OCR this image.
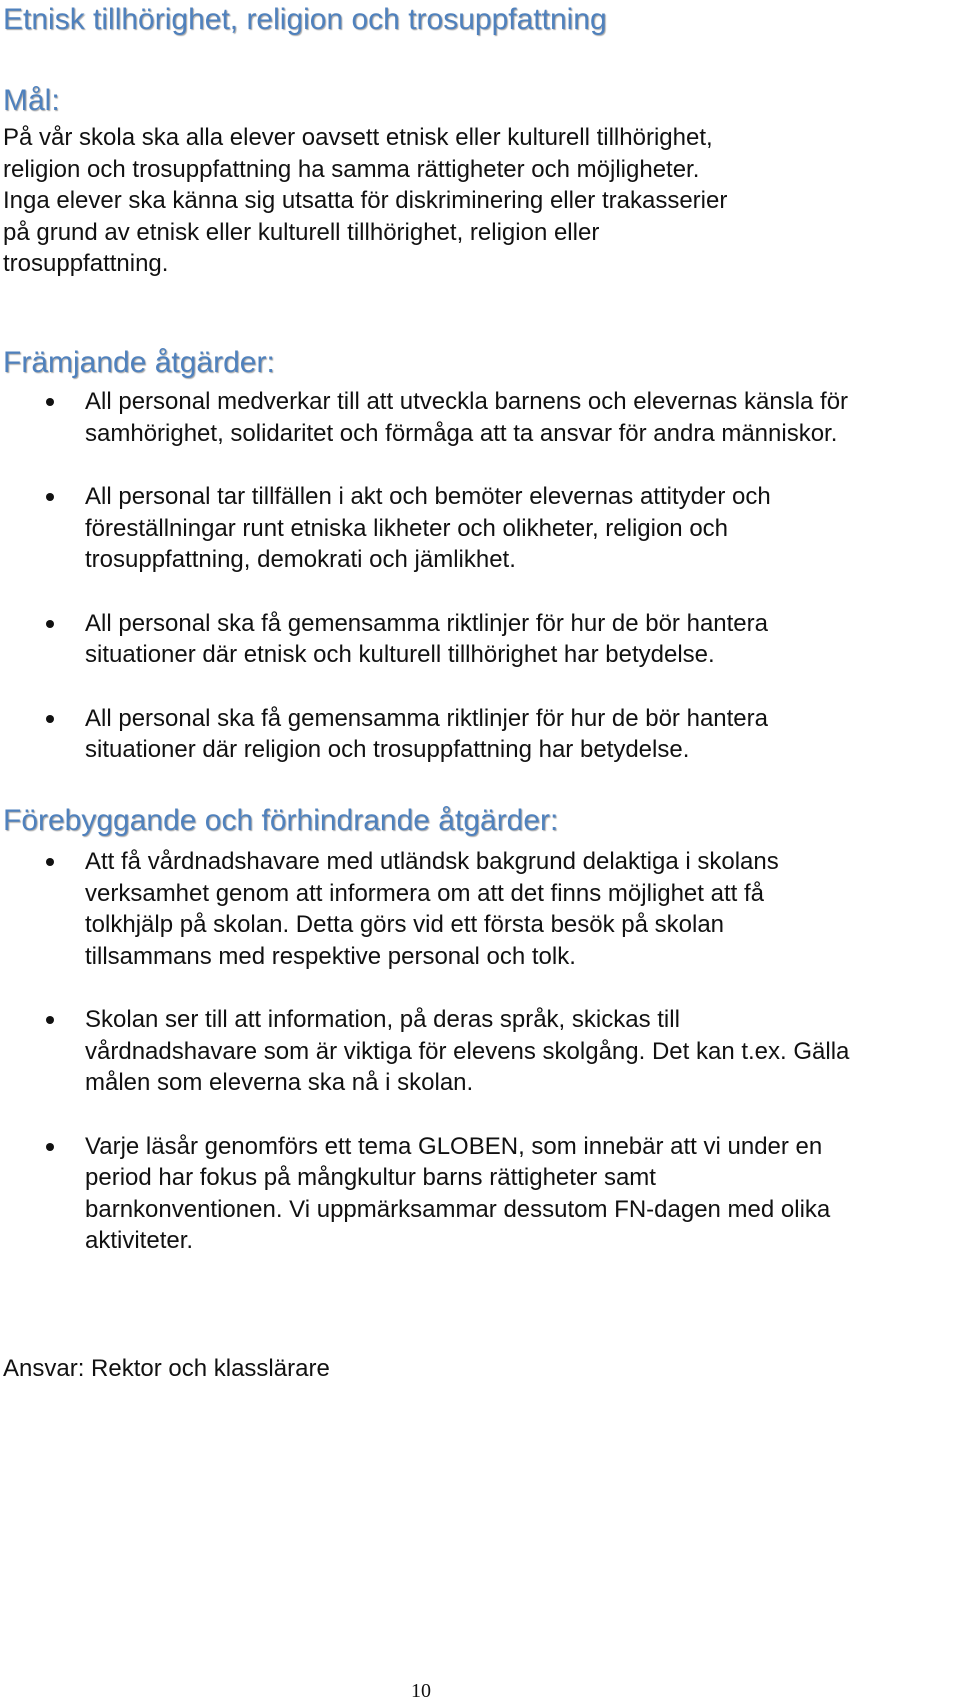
Etnisk tillhörighet, religion och trosuppfattning
Mål:

På vår skola ska alla elever oavsett etnisk eller kulturell tillhörighet,
religion och trosuppfattning ha samma rättigheter och möjligheter.
Inga elever ska känna sig utsatta för diskriminering eller trakasserier
på grund av etnisk eller kulturell tillhörighet, religion eller
trosuppfattning.

Främjande åtgärder:
All personal medverkar till att utveckla barnens och elevernas känsla för
samhörighet, solidaritet och förmåga att ta ansvar för andra människor.
All personal tar tillfällen i akt och bemöter elevernas attityder och
föreställningar runt etniska likheter och olikheter, religion och
trosuppfattning, demokrati och jämlikhet.
All personal ska få gemensamma riktlinjer för hur de bör hantera
situationer där etnisk och kulturell tillhörighet har betydelse.
All personal ska få gemensamma riktlinjer för hur de bör hantera
situationer där religion och trosuppfattning har betydelse.
Förebyggande och förhindrande åtgärder:
Att få vårdnadshavare med utländsk bakgrund delaktiga i skolans
verksamhet genom att informera om att det finns möjlighet att få
tolkhjälp på skolan. Detta görs vid ett första besök på skolan
tillsammans med respektive personal och tolk.
Skolan ser till att information, på deras språk, skickas till
vårdnadshavare som är viktiga för elevens skolgång. Det kan t.ex. Gälla
målen som eleverna ska nå i skolan.
Varje läsår genomförs ett tema GLOBEN, som innebär att vi under en
period har fokus på mångkultur barns rättigheter samt
barnkonventionen. Vi uppmärksammar dessutom FN-dagen med olika
aktiviteter.

Ansvar: Rektor och klasslärare

10
